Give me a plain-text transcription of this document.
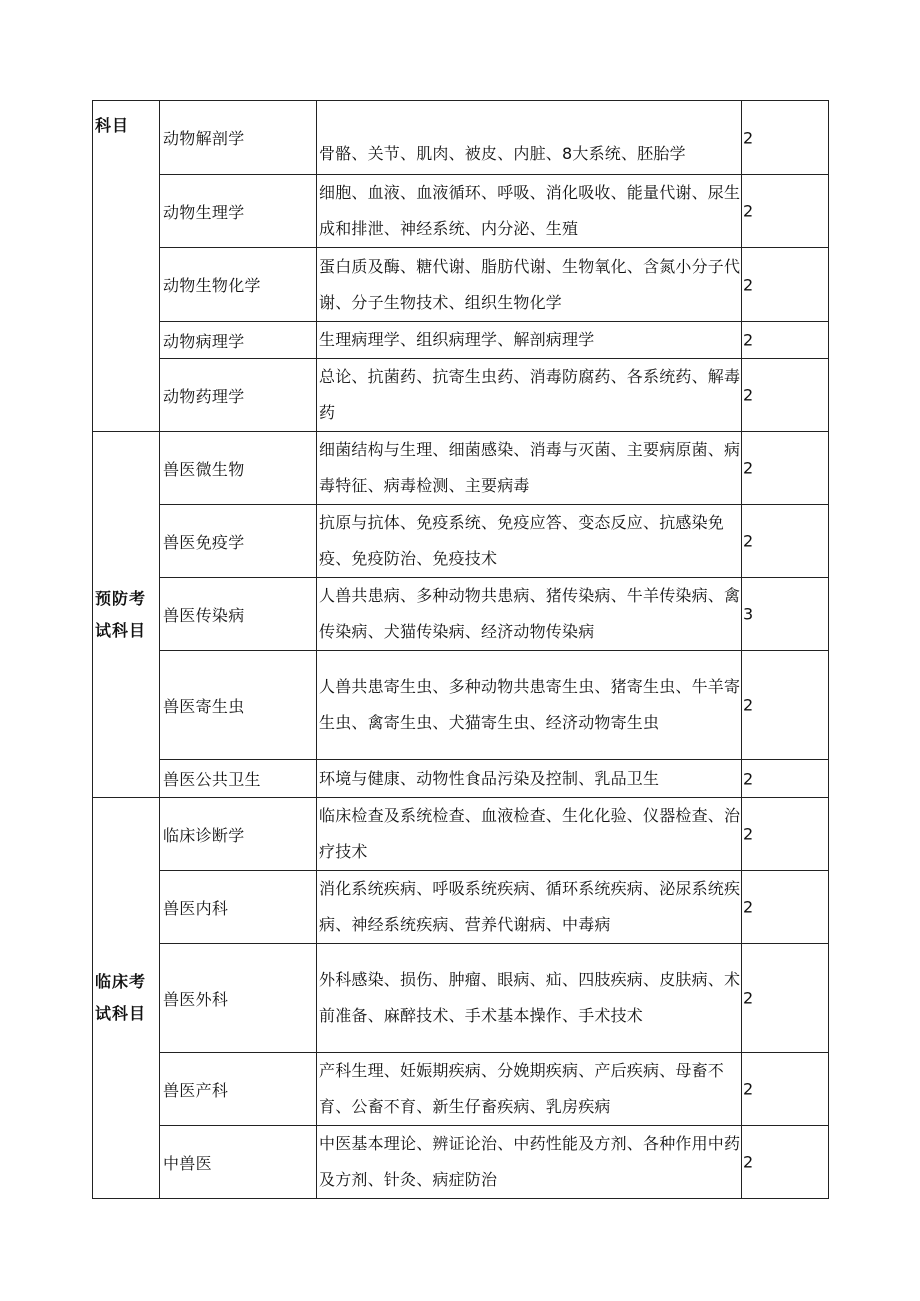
科目	动物解剖学	骨骼、关节、肌肉、被皮、内脏、8大系统、胚胎学	2

	动物生理学	细胞、血液、血液循环、呼吸、消化吸收、能量代谢、尿生成和排泄、神经系统、内分泌、生殖	2

	动物生物化学	蛋白质及酶、糖代谢、脂肪代谢、生物氧化、含氮小分子代谢、分子生物技术、组织生物化学	2

	动物病理学	生理病理学、组织病理学、解剖病理学	2

	动物药理学	总论、抗菌药、抗寄生虫药、消毒防腐药、各系统药、解毒药	2

预防考试科目	兽医微生物	细菌结构与生理、细菌感染、消毒与灭菌、主要病原菌、病毒特征、病毒检测、主要病毒	2

	兽医免疫学	抗原与抗体、免疫系统、免疫应答、变态反应、抗感染免疫、免疫防治、免疫技术	2

	兽医传染病	人兽共患病、多种动物共患病、猪传染病、牛羊传染病、禽传染病、犬猫传染病、经济动物传染病	3

	兽医寄生虫	人兽共患寄生虫、多种动物共患寄生虫、猪寄生虫、牛羊寄生虫、禽寄生虫、犬猫寄生虫、经济动物寄生虫	2

	兽医公共卫生	环境与健康、动物性食品污染及控制、乳品卫生	2

临床考试科目	临床诊断学	临床检查及系统检查、血液检查、生化化验、仪器检查、治疗技术	2

	兽医内科	消化系统疾病、呼吸系统疾病、循环系统疾病、泌尿系统疾病、神经系统疾病、营养代谢病、中毒病	2

	兽医外科	外科感染、损伤、肿瘤、眼病、疝、四肢疾病、皮肤病、术前准备、麻醉技术、手术基本操作、手术技术	2

	兽医产科	产科生理、妊娠期疾病、分娩期疾病、产后疾病、母畜不育、公畜不育、新生仔畜疾病、乳房疾病	2

	中兽医	中医基本理论、辨证论治、中药性能及方剂、各种作用中药及方剂、针灸、病症防治	2
